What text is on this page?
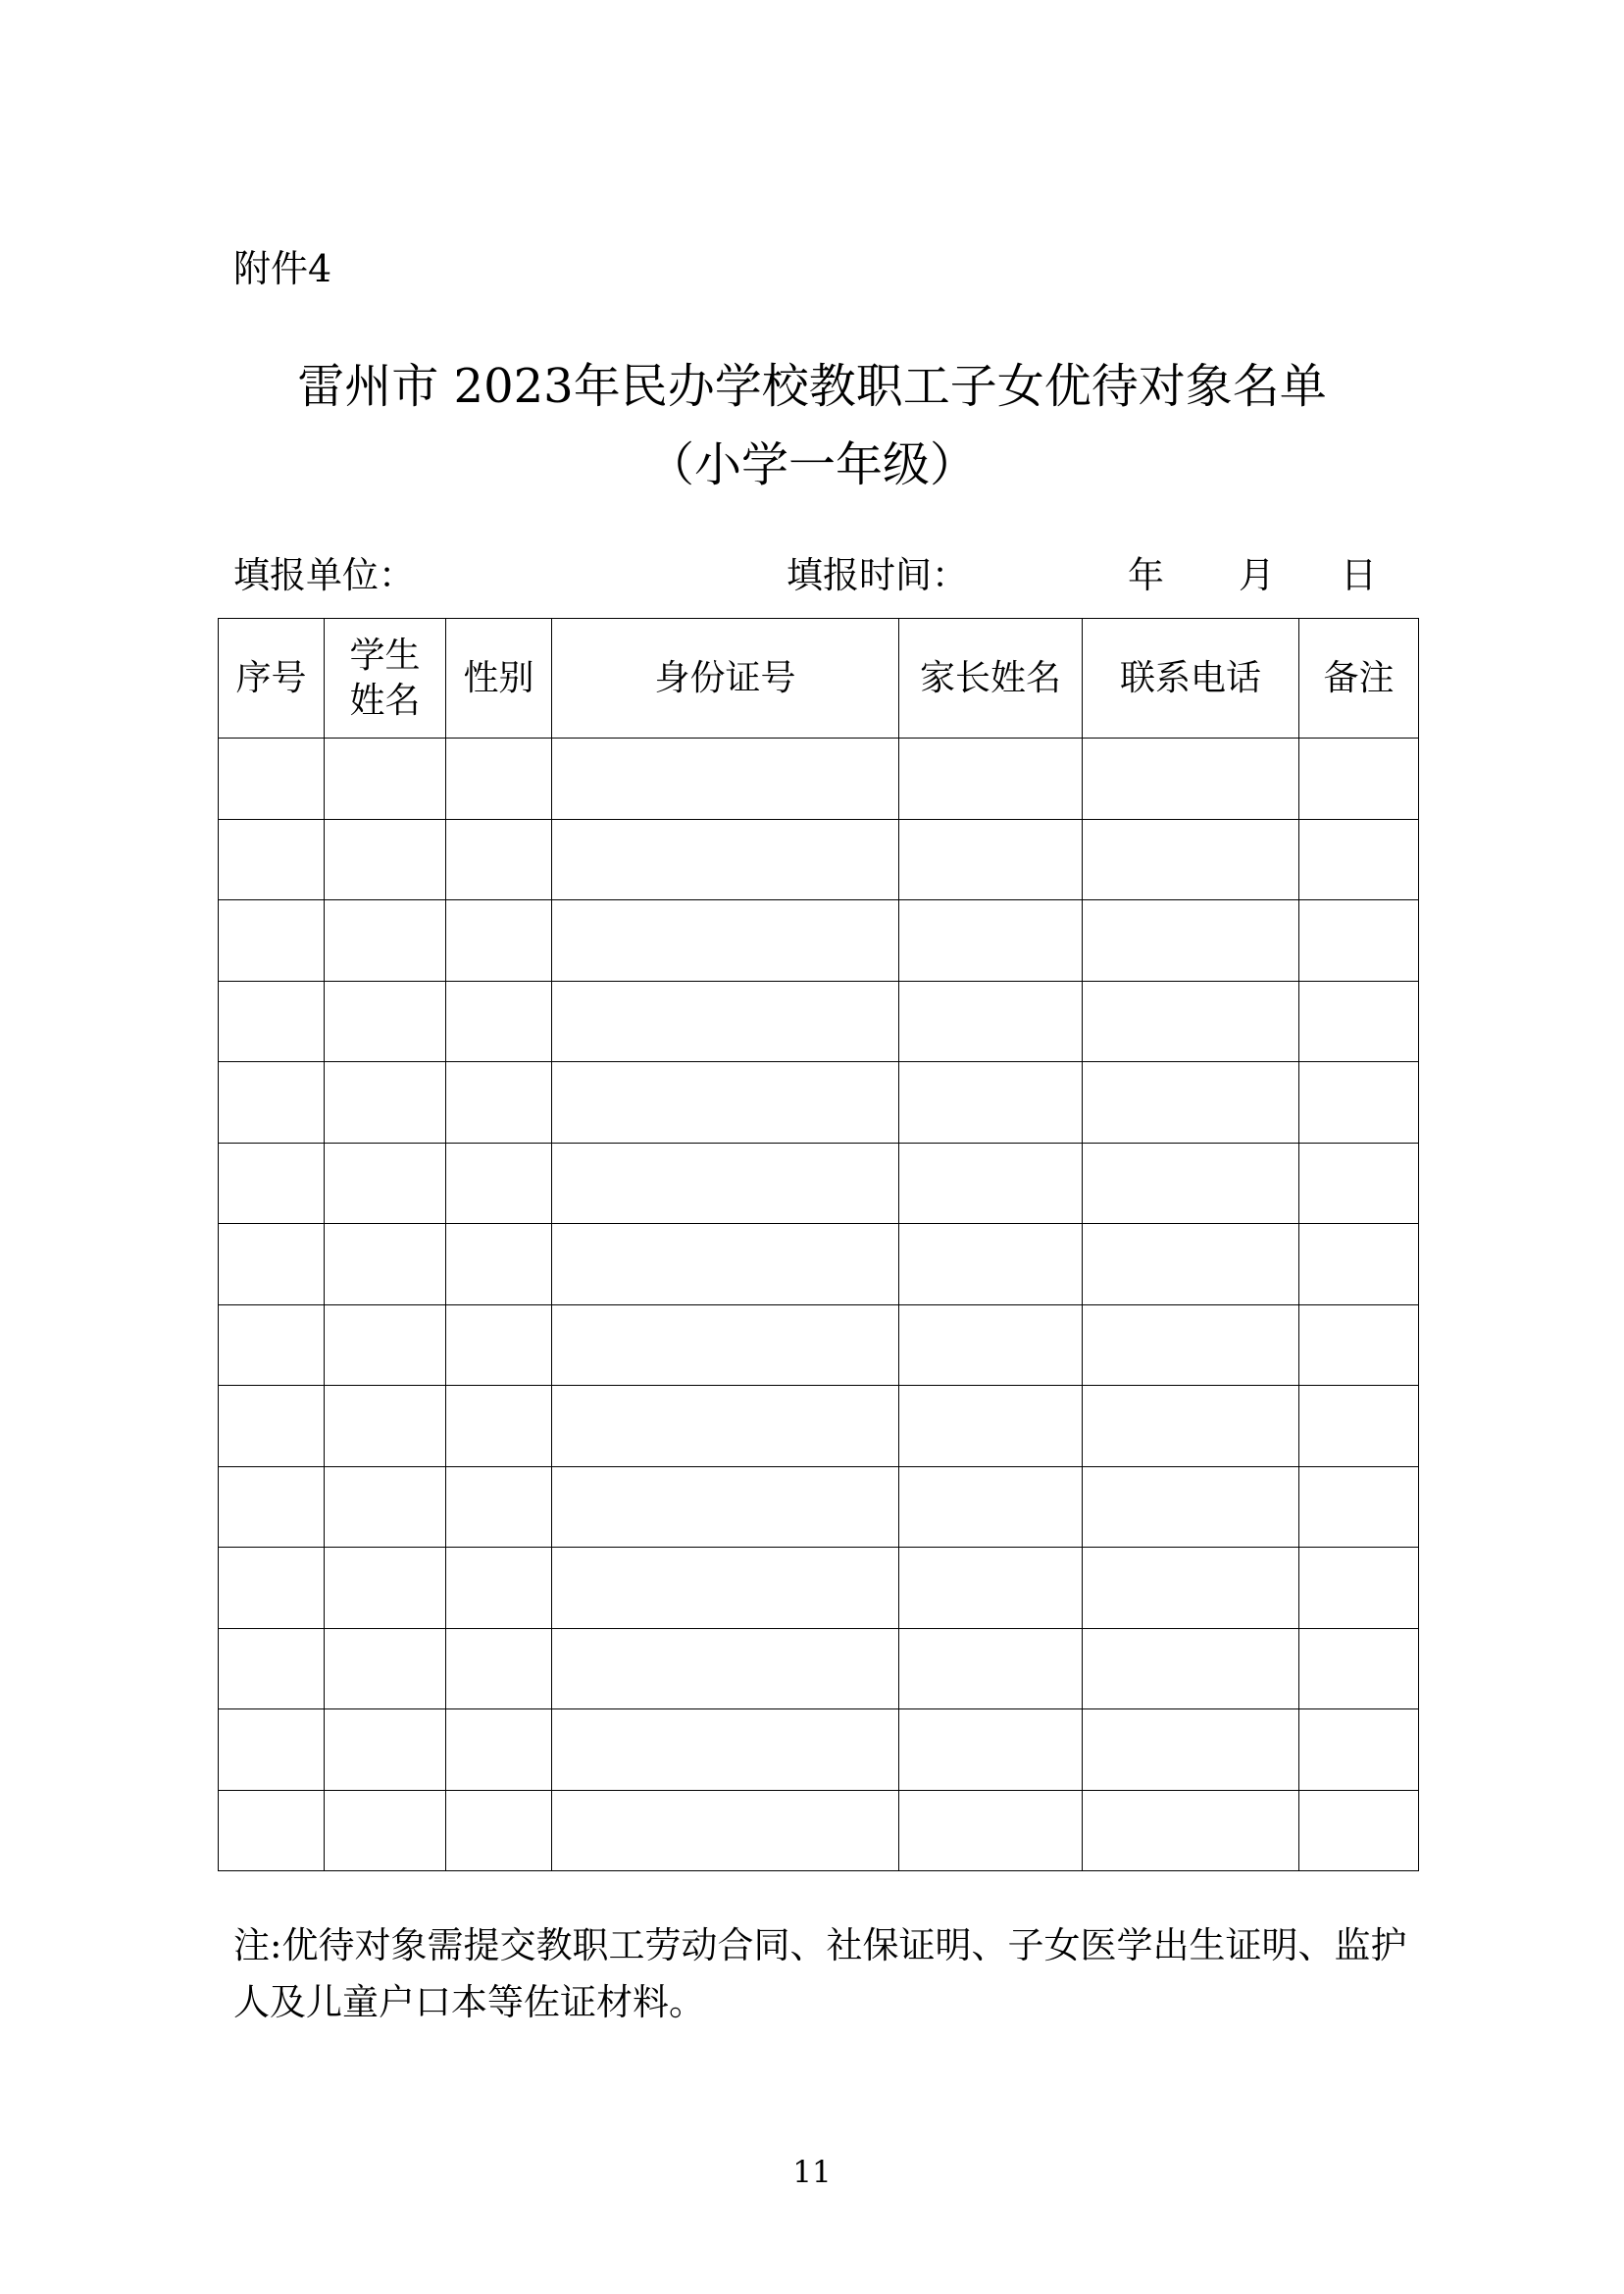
附件4
雷州市 2023年民办学校教职工子女优待对象名单
（小学一年级）
填报单位：	填报时间：	年 月 日
序号	学生姓名	性别	身份证号	家长姓名	联系电话	备注

注:优待对象需提交教职工劳动合同、社保证明、子女医学出生证明、监护人及儿童户口本等佐证材料。
11
